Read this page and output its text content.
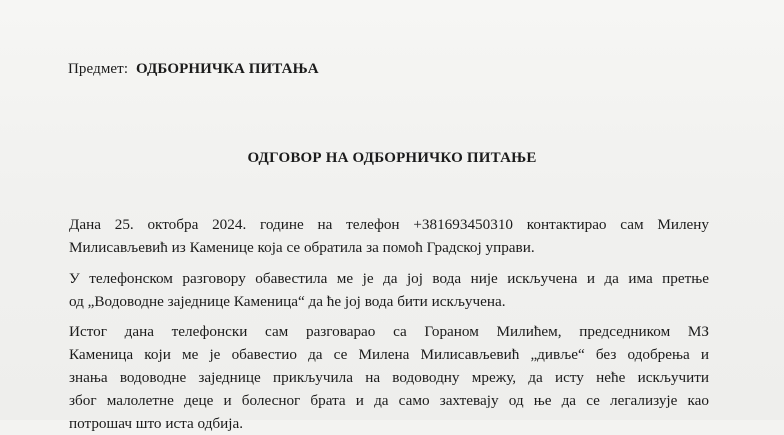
Предмет: ОДБОРНИЧКА ПИТАЊА
ОДГОВОР НА ОДБОРНИЧКО ПИТАЊЕ
Дана 25. октобра 2024. године на телефон +381693450310 контактирао сам Милену
Милисављевић из Каменице која се обратила за помоћ Градској управи.
У телефонском разговору обавестила ме је да јој вода није искључена и да има претње
од „Водоводне заједнице Каменица“ да ће јој вода бити искључена.
Истог дана телефонски сам разговарао са Гораном Милићем, председником МЗ
Каменица који ме је обавестио да се Милена Милисављевић „дивље“ без одобрења и
знања водоводне заједнице прикључила на водоводну мрежу, да исту неће искључити
због малолетне деце и болесног брата и да само захтевају од ње да се легализује као
потрошач што иста одбија.
